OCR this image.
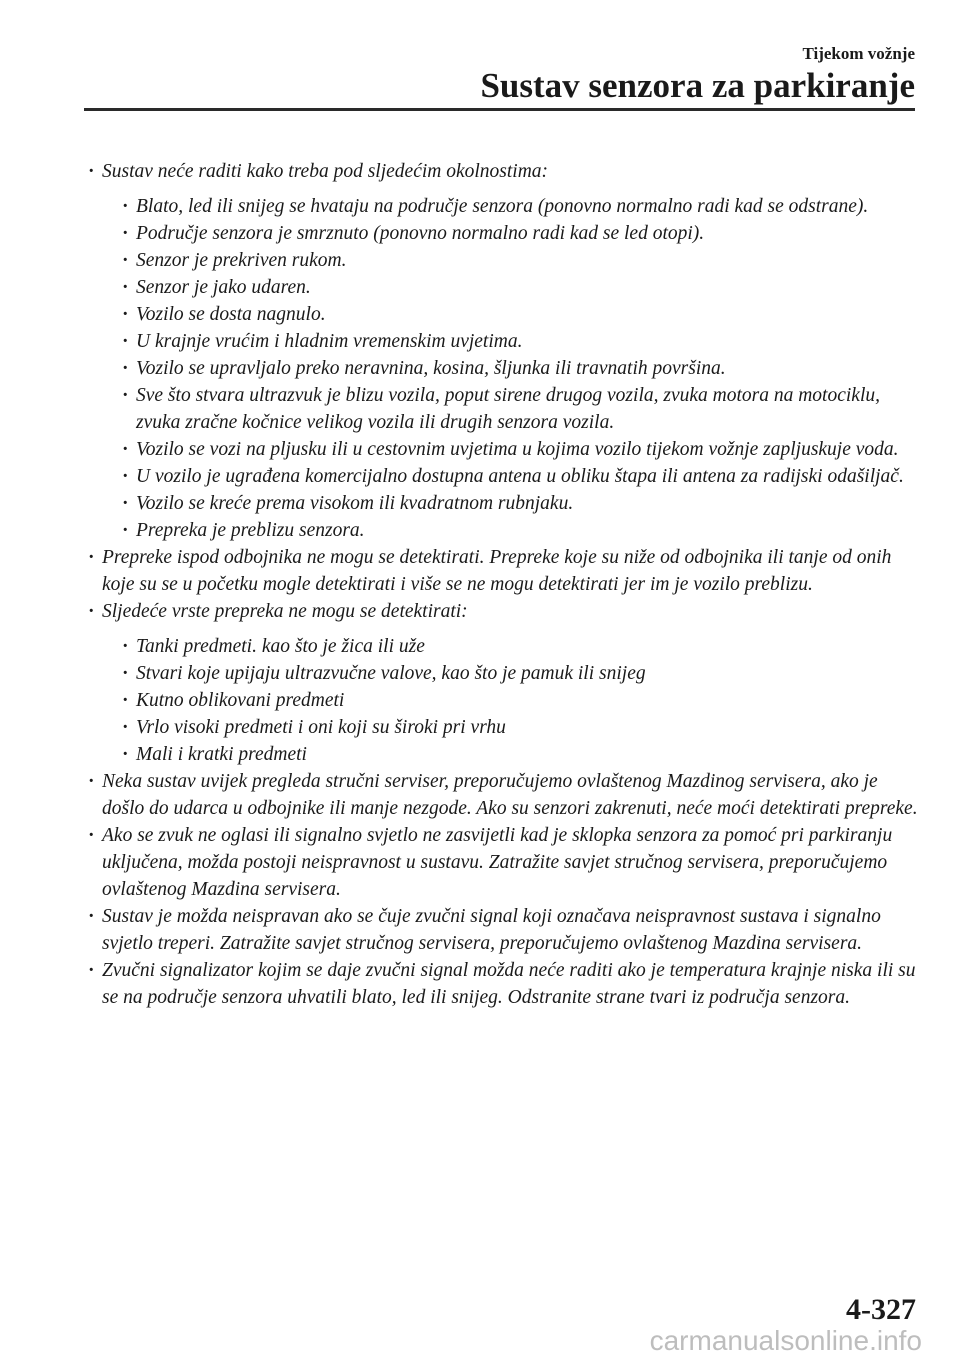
Tijekom vožnje
Sustav senzora za parkiranje
· Sustav neće raditi kako treba pod sljedećim okolnostima:
· Blato, led ili snijeg se hvataju na područje senzora (ponovno normalno radi kad se odstrane).
· Područje senzora je smrznuto (ponovno normalno radi kad se led otopi).
· Senzor je prekriven rukom.
· Senzor je jako udaren.
· Vozilo se dosta nagnulo.
· U krajnje vrućim i hladnim vremenskim uvjetima.
· Vozilo se upravljalo preko neravnina, kosina, šljunka ili travnatih površina.
· Sve što stvara ultrazvuk je blizu vozila, poput sirene drugog vozila, zvuka motora na motociklu, zvuka zračne kočnice velikog vozila ili drugih senzora vozila.
· Vozilo se vozi na pljusku ili u cestovnim uvjetima u kojima vozilo tijekom vožnje zapljuskuje voda.
· U vozilo je ugrađena komercijalno dostupna antena u obliku štapa ili antena za radijski odašiljač.
· Vozilo se kreće prema visokom ili kvadratnom rubnjaku.
· Prepreka je preblizu senzora.
· Prepreke ispod odbojnika ne mogu se detektirati. Prepreke koje su niže od odbojnika ili tanje od onih koje su se u početku mogle detektirati i više se ne mogu detektirati jer im je vozilo preblizu.
· Sljedeće vrste prepreka ne mogu se detektirati:
· Tanki predmeti. kao što je žica ili uže
· Stvari koje upijaju ultrazvučne valove, kao što je pamuk ili snijeg
· Kutno oblikovani predmeti
· Vrlo visoki predmeti i oni koji su široki pri vrhu
· Mali i kratki predmeti
· Neka sustav uvijek pregleda stručni serviser, preporučujemo ovlaštenog Mazdinog servisera, ako je došlo do udarca u odbojnike ili manje nezgode. Ako su senzori zakrenuti, neće moći detektirati prepreke.
· Ako se zvuk ne oglasi ili signalno svjetlo ne zasvijetli kad je sklopka senzora za pomoć pri parkiranju uključena, možda postoji neispravnost u sustavu. Zatražite savjet stručnog servisera, preporučujemo ovlaštenog Mazdina servisera.
· Sustav je možda neispravan ako se čuje zvučni signal koji označava neispravnost sustava i signalno svjetlo treperi. Zatražite savjet stručnog servisera, preporučujemo ovlaštenog Mazdina servisera.
· Zvučni signalizator kojim se daje zvučni signal možda neće raditi ako je temperatura krajnje niska ili su se na područje senzora uhvatili blato, led ili snijeg. Odstranite strane tvari iz područja senzora.
4-327
carmanualsonline.info
